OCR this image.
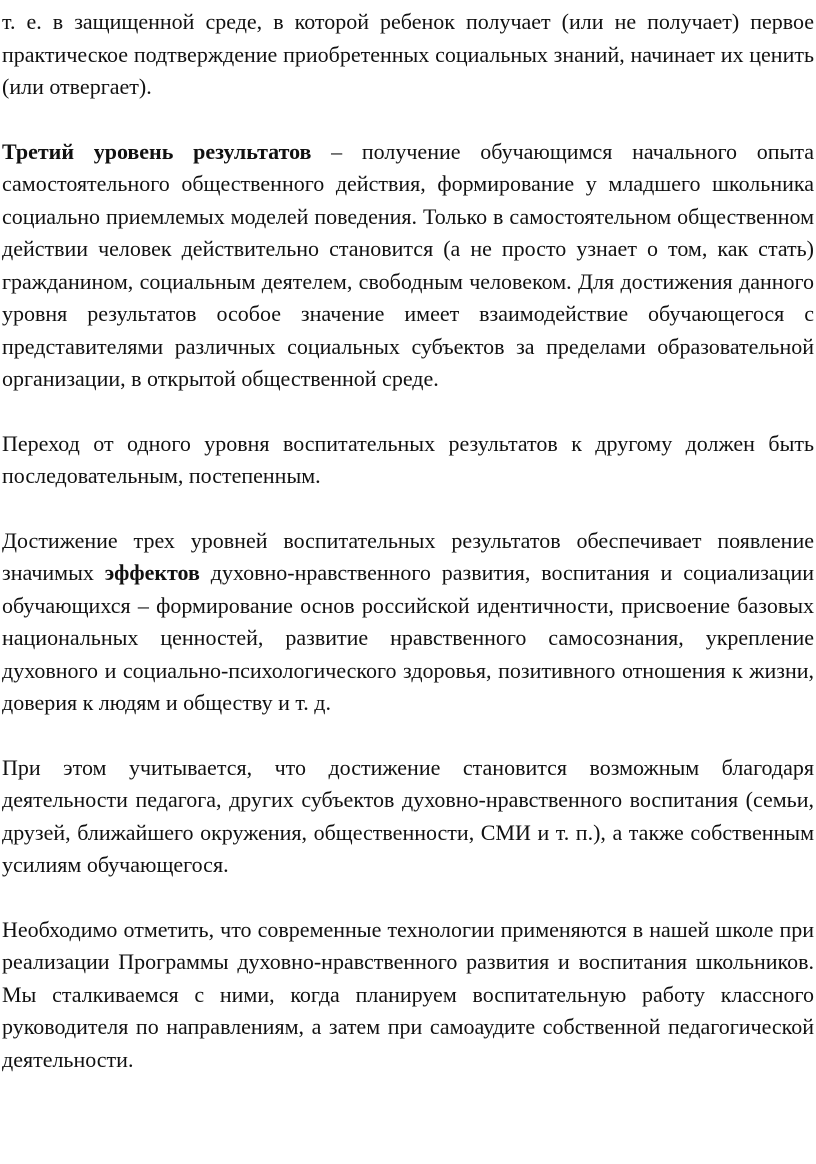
т. е. в защищенной среде, в которой ребенок получает (или не получает) первое практическое подтверждение приобретенных социальных знаний, начинает их ценить (или отвергает).

Третий уровень результатов – получение обучающимся начального опыта самостоятельного общественного действия, формирование у младшего школьника социально приемлемых моделей поведения. Только в самостоятельном общественном действии человек действительно становится (а не просто узнает о том, как стать) гражданином, социальным деятелем, свободным человеком. Для достижения данного уровня результатов особое значение имеет взаимодействие обучающегося с представителями различных социальных субъектов за пределами образовательной организации, в открытой общественной среде.

Переход от одного уровня воспитательных результатов к другому должен быть последовательным, постепенным.

Достижение трех уровней воспитательных результатов обеспечивает появление значимых эффектов духовно-нравственного развития, воспитания и социализации обучающихся – формирование основ российской идентичности, присвоение базовых национальных ценностей, развитие нравственного самосознания, укрепление духовного и социально-психологического здоровья, позитивного отношения к жизни, доверия к людям и обществу и т. д.

При этом учитывается, что достижение становится возможным благодаря деятельности педагога, других субъектов духовно-нравственного воспитания (семьи, друзей, ближайшего окружения, общественности, СМИ и т. п.), а также собственным усилиям обучающегося.

Необходимо отметить, что современные технологии применяются в нашей школе при реализации Программы духовно-нравственного развития и воспитания школьников. Мы сталкиваемся с ними, когда планируем воспитательную работу классного руководителя по направлениям, а затем при самоаудите собственной педагогической деятельности.
